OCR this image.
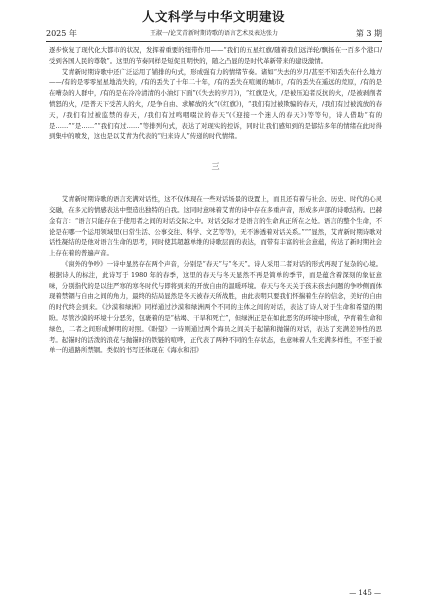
人文科学与中华文明建设
2025 年	王淑一/论艾青新时期诗歌的语言艺术及表达张力	第 3 期

逐步恢复了现代化大都市的状况，发挥着重要的纽带作用——“我们的五星红旗/随着我们远洋轮/飘扬在一百多个港口/受到各国人民的尊敬”。这里的节奏同样是短促且明快的，随之凸显的是时代革新带来的建设激情。

艾青新时期诗歌中还广泛运用了铺排的句式，形成强有力的情绪节奏。诸如“失去的岁月/甚至不知丢失在什么地方——/有的是零零星星地消失的，/有的丢失了十年二十年，/有的丢失在喧闹的城市，/有的丢失在遥远的荒原，/有的是在嘈杂的人群中，/有的是在冷冷清清的小油灯下面”(《失去的岁月》)，“红旗是火，/是被压迫者反抗的火，/是被剥削者愤怒的火，/是普天下受苦人的火，/是争自由、求解放的火”(《红旗》)，“我们有过被欺骗的春天，/我们有过被流放的春天，/我们有过被监禁的春天，/我们有过鸣咽啜泣的春天”(《迎接一个迷人的春天》)等等句，诗人借助“有的是……”“是……”“我们有过……”等排列句式，表达了对现实的控诉，同时让我们感知到的是郁结多年的情绪在此时得到集中的喷发，这也是以艾青为代表的“归来诗人”传递的时代情绪。

三

艾青新时期诗歌的语言充满对话性，这不仅体现在一些对话场景的设置上，而且还有着与社会、历史、时代的心灵交融，在多元的情感表达中塑造出独特的自我。这同时意味着艾青的诗中存在多重声音，形成多声部的诗歌结构。巴赫金有言：“语言只能存在于使用者之间的对话交际之中。对话交际才是语言的生命真正所在之处。语言的整个生命，不论是在哪一个运用领域里(日常生活、公事交往、科学、文艺等等)，无不渗透着对话关系。”“”显然，艾青新时期诗歌对话性凝结的是他对语言生命的思考，同时使其超越单维的诗歌层面的表达，而带有丰富的社会意蕴，传达了新时期社会上存在着的普遍声音。

《窗外的争吵》一诗中显然存在两个声音，分别是“春天”与“冬天”。诗人采用二者对话的形式再现了复杂的心境。根据诗人的标注，此诗写于 1980 年的春季，这里的春天与冬天显然不再是简单的季节，而是蕴含着深刻的象征意味，分别指代的是以往严寒的寒冬时代与即将到来的开放自由的温暖环境。春天与冬天关于孩未孩去问题的争吵侧面体现着禁锢与自由之间的角力，最终的结局显然是冬天被春天所战胜，由此表明只要我们怀揣着生存的信念，美好的自由的时代终会到来。《沙漠和绿洲》同样通过沙漠和绿洲两个不同的主体之间的对话，表达了诗人对于生命和希望的期盼。尽管沙漠的环境十分恶劣，包裹着的是“枯竭、干旱和死亡”，但绿洲正是在如此恶劣的环境中形成，孕育着生命和绿色，二者之间形成鲜明的对照。《盼望》一诗则通过两个海员之间关于起锚和抛锚的对话，表达了充满差异性的思考。起锚时的活泼的浪花与抛锚时的铁链的喧哗，正代表了两种不同的生存状态，也意味着人生充满多样性，不至于被单一的道路所禁锢。类似的书写还体现在《海水和泪》

— 145 —
